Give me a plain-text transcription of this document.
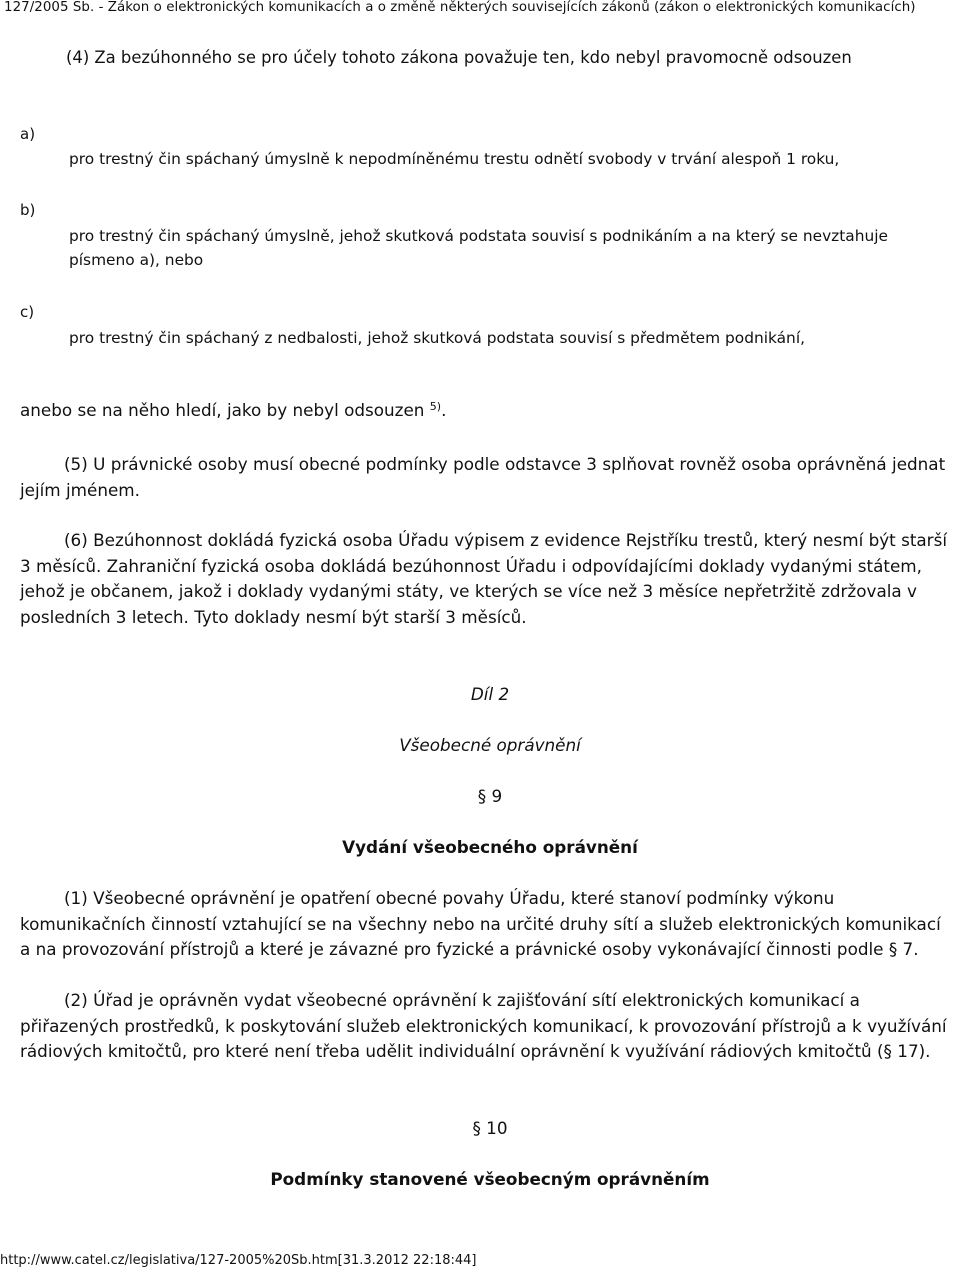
127/2005 Sb. - Zákon o elektronických komunikacích a o změně některých souvisejících zákonů (zákon o elektronických komunikacích)
(4) Za bezúhonného se pro účely tohoto zákona považuje ten, kdo nebyl pravomocně odsouzen
a)
pro trestný čin spáchaný úmyslně k nepodmíněnému trestu odnětí svobody v trvání alespoň 1 roku,
b)
pro trestný čin spáchaný úmyslně, jehož skutková podstata souvisí s podnikáním a na který se nevztahuje písmeno a), nebo
c)
pro trestný čin spáchaný z nedbalosti, jehož skutková podstata souvisí s předmětem podnikání,
anebo se na něho hledí, jako by nebyl odsouzen $^{5)}$.
(5) U právnické osoby musí obecné podmínky podle odstavce 3 splňovat rovněž osoba oprávněná jednat jejím jménem.
(6) Bezúhonnost dokládá fyzická osoba Úřadu výpisem z evidence Rejstříku trestů, který nesmí být starší 3 měsíců. Zahraniční fyzická osoba dokládá bezúhonnost Úřadu i odpovídajícími doklady vydanými státem, jehož je občanem, jakož i doklady vydanými státy, ve kterých se více než 3 měsíce nepřetržitě zdržovala v posledních 3 letech. Tyto doklady nesmí být starší 3 měsíců.
Díl 2
Všeobecné oprávnění
§ 9
Vydání všeobecného oprávnění
(1) Všeobecné oprávnění je opatření obecné povahy Úřadu, které stanoví podmínky výkonu komunikačních činností vztahující se na všechny nebo na určité druhy sítí a služeb elektronických komunikací a na provozování přístrojů a které je závazné pro fyzické a právnické osoby vykonávající činnosti podle § 7.
(2) Úřad je oprávněn vydat všeobecné oprávnění k zajišťování sítí elektronických komunikací a přiřazených prostředků, k poskytování služeb elektronických komunikací, k provozování přístrojů a k využívání rádiových kmitočtů, pro které není třeba udělit individuální oprávnění k využívání rádiových kmitočtů (§ 17).
§ 10
Podmínky stanovené všeobecným oprávněním
http://www.catel.cz/legislativa/127-2005%20Sb.htm[31.3.2012 22:18:44]
